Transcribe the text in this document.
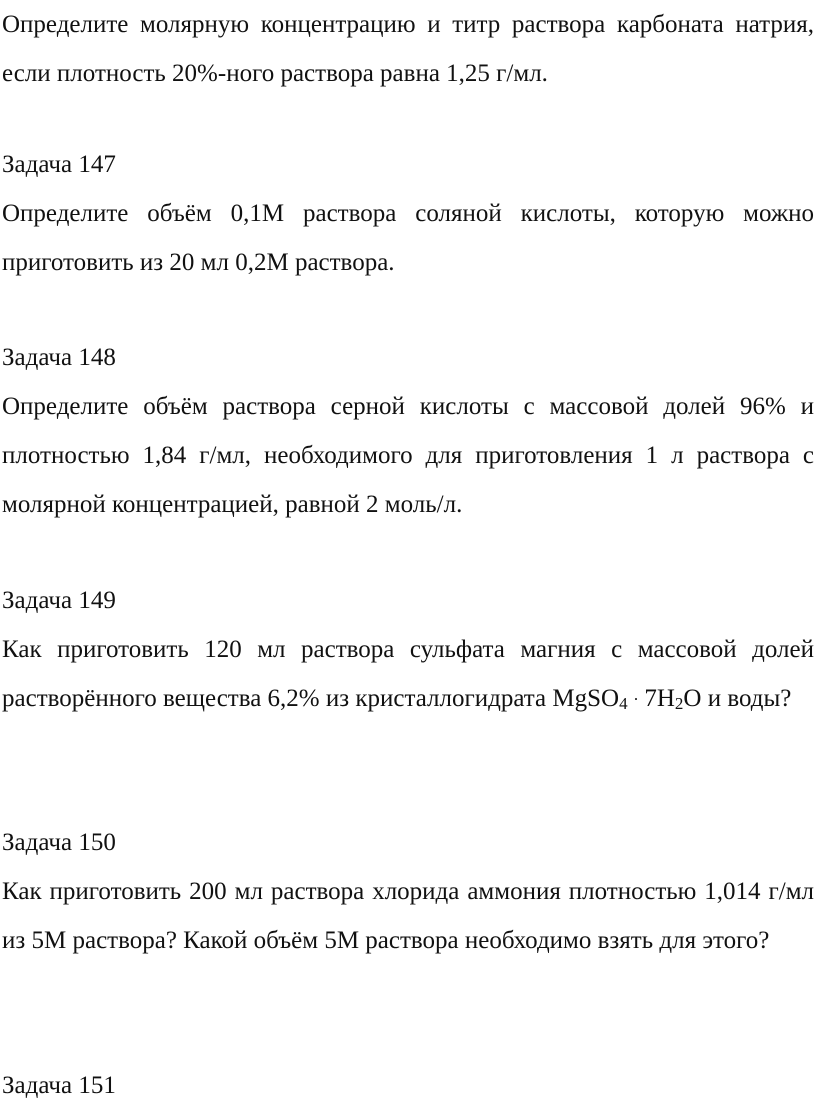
Определите молярную концентрацию и титр раствора карбоната натрия, если плотность 20%-ного раствора равна 1,25 г/мл.

Задача 147

Определите объём 0,1М раствора соляной кислоты, которую можно приготовить из 20 мл 0,2М раствора.

Задача 148

Определите объём раствора серной кислоты с массовой долей 96% и плотностью 1,84 г/мл, необходимого для приготовления 1 л раствора с молярной концентрацией, равной 2 моль/л.

Задача 149

Как приготовить 120 мл раствора сульфата магния с массовой долей растворённого вещества 6,2% из кристаллогидрата MgSO$_4$ . $7H_2O$ и воды?

Задача 150

Как приготовить 200 мл раствора хлорида аммония плотностью 1,014 г/мл из 5М раствора? Какой объём 5М раствора необходимо взять для этого?

Задача 151
